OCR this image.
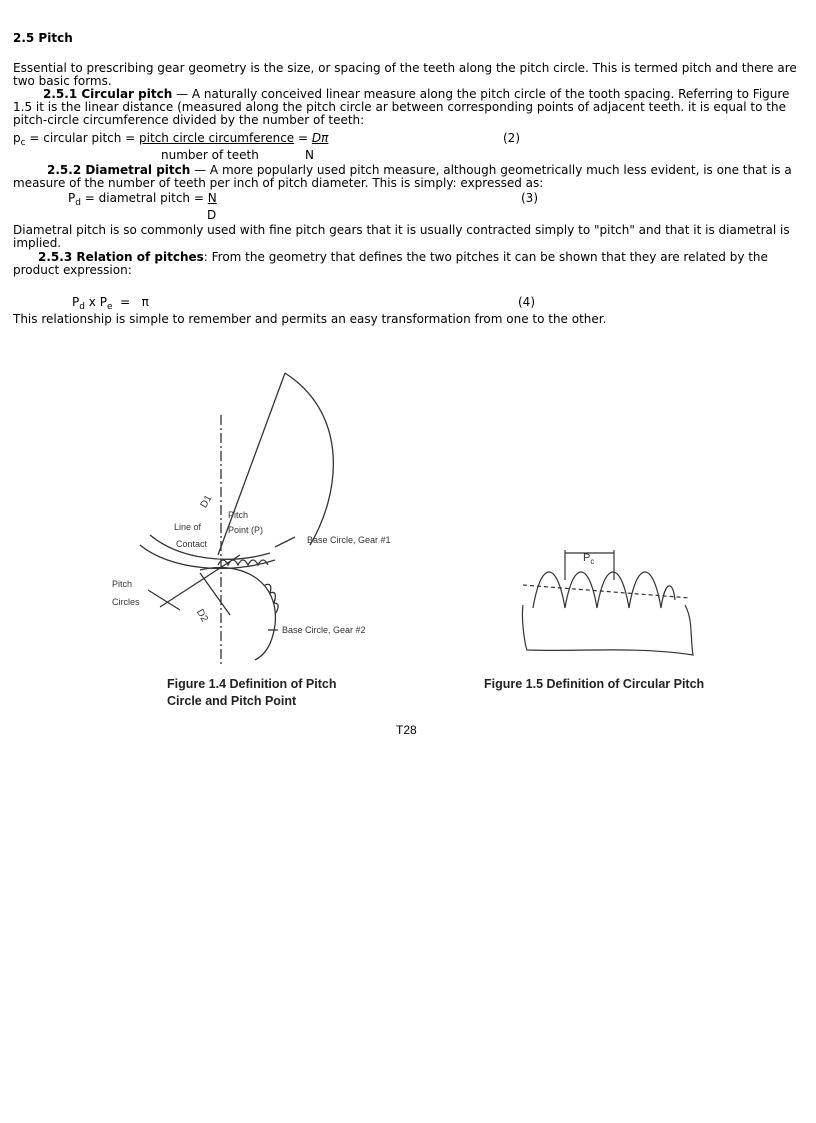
2.5 Pitch

Essential to prescribing gear geometry is the size, or spacing of the teeth along the pitch circle. This is termed pitch and there are two basic forms.

2.5.1 Circular pitch — A naturally conceived linear measure along the pitch circle of the tooth spacing. Referring to Figure 1.5 it is the linear distance (measured along the pitch circle ar between corresponding points of adjacent teeth. it is equal to the pitch-circle circumference divided by the number of teeth:

$p_c$ = circular pitch = pitch circle circumference = Dπ	(2)
number of teeth	N

2.5.2 Diametral pitch — A more popularly used pitch measure, although geometrically much less evident, is one that is a measure of the number of teeth per inch of pitch diameter. This is simply: expressed as:

$P_d$ = diametral pitch = N	(3)
D

Diametral pitch is so commonly used with fine pitch gears that it is usually contracted simply to "pitch" and that it is diametral is implied.

2.5.3 Relation of pitches: From the geometry that defines the two pitches it can be shown that they are related by the product expression:

$P_d$ x $P_e = \pi$	(4)

This relationship is simple to remember and permits an easy transformation from one to the other.

Pitch
Point (P)
Line of
Contact	Base Circle, Gear #1
Base Circle, Gear #2
Pitch
Circles
D1
D2
Figure 1.4 Definition of Pitch
Circle and Pitch Point
$P_c$
Figure 1.5 Definition of Circular Pitch
T28
